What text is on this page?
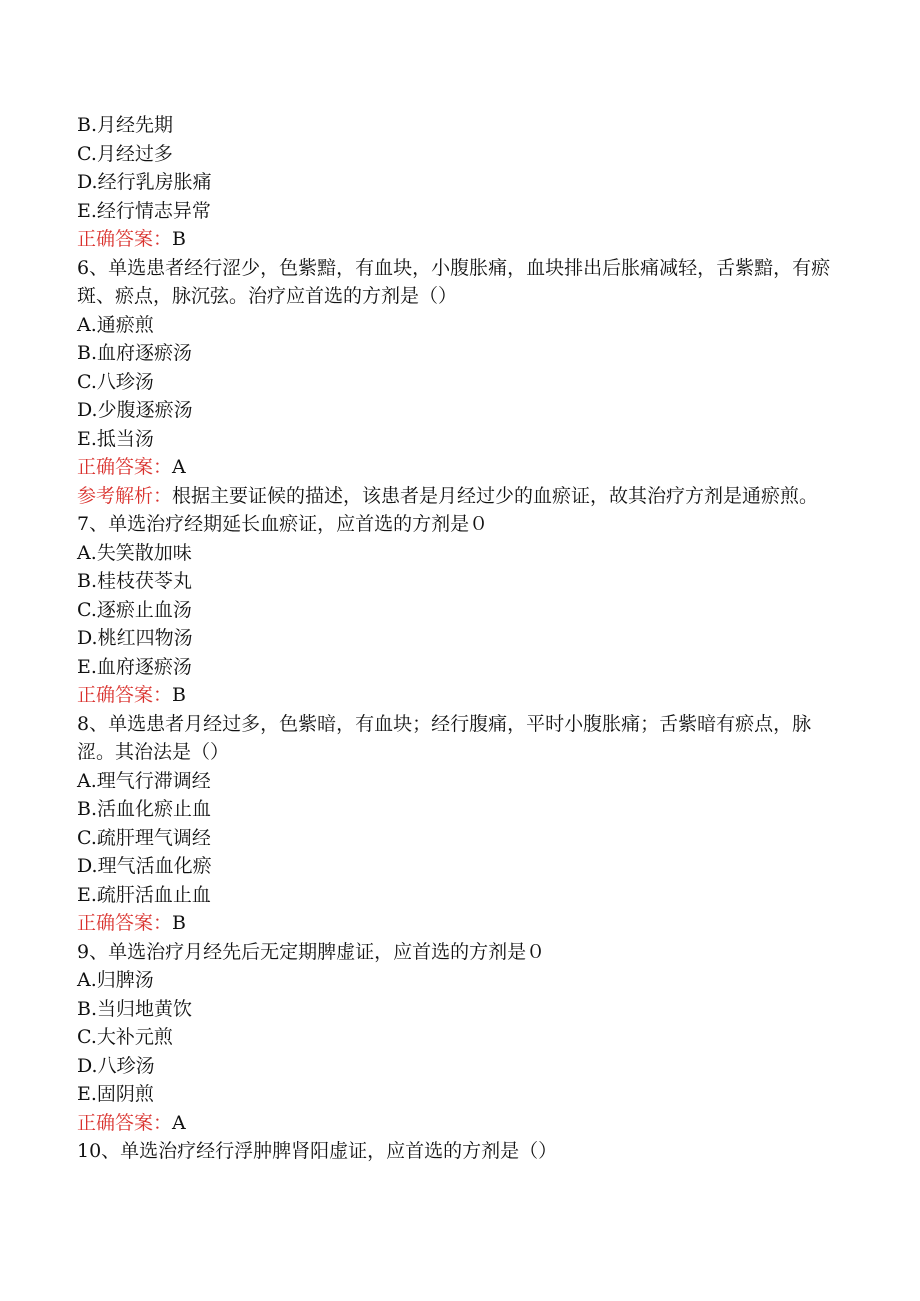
B.月经先期
C.月经过多
D.经行乳房胀痛
E.经行情志异常
正确答案：B
6、单选患者经行涩少，色紫黯，有血块，小腹胀痛，血块排出后胀痛减轻，舌紫黯，有瘀斑、瘀点，脉沉弦。治疗应首选的方剂是（）
A.通瘀煎
B.血府逐瘀汤
C.八珍汤
D.少腹逐瘀汤
E.抵当汤
正确答案：A
参考解析：根据主要证候的描述，该患者是月经过少的血瘀证，故其治疗方剂是通瘀煎。
7、单选治疗经期延长血瘀证，应首选的方剂是０
A.失笑散加味
B.桂枝茯苓丸
C.逐瘀止血汤
D.桃红四物汤
E.血府逐瘀汤
正确答案：B
8、单选患者月经过多，色紫暗，有血块；经行腹痛，平时小腹胀痛；舌紫暗有瘀点，脉涩。其治法是（）
A.理气行滞调经
B.活血化瘀止血
C.疏肝理气调经
D.理气活血化瘀
E.疏肝活血止血
正确答案：B
9、单选治疗月经先后无定期脾虚证，应首选的方剂是０
A.归脾汤
B.当归地黄饮
C.大补元煎
D.八珍汤
E.固阴煎
正确答案：A
10、单选治疗经行浮肿脾肾阳虚证，应首选的方剂是（）
